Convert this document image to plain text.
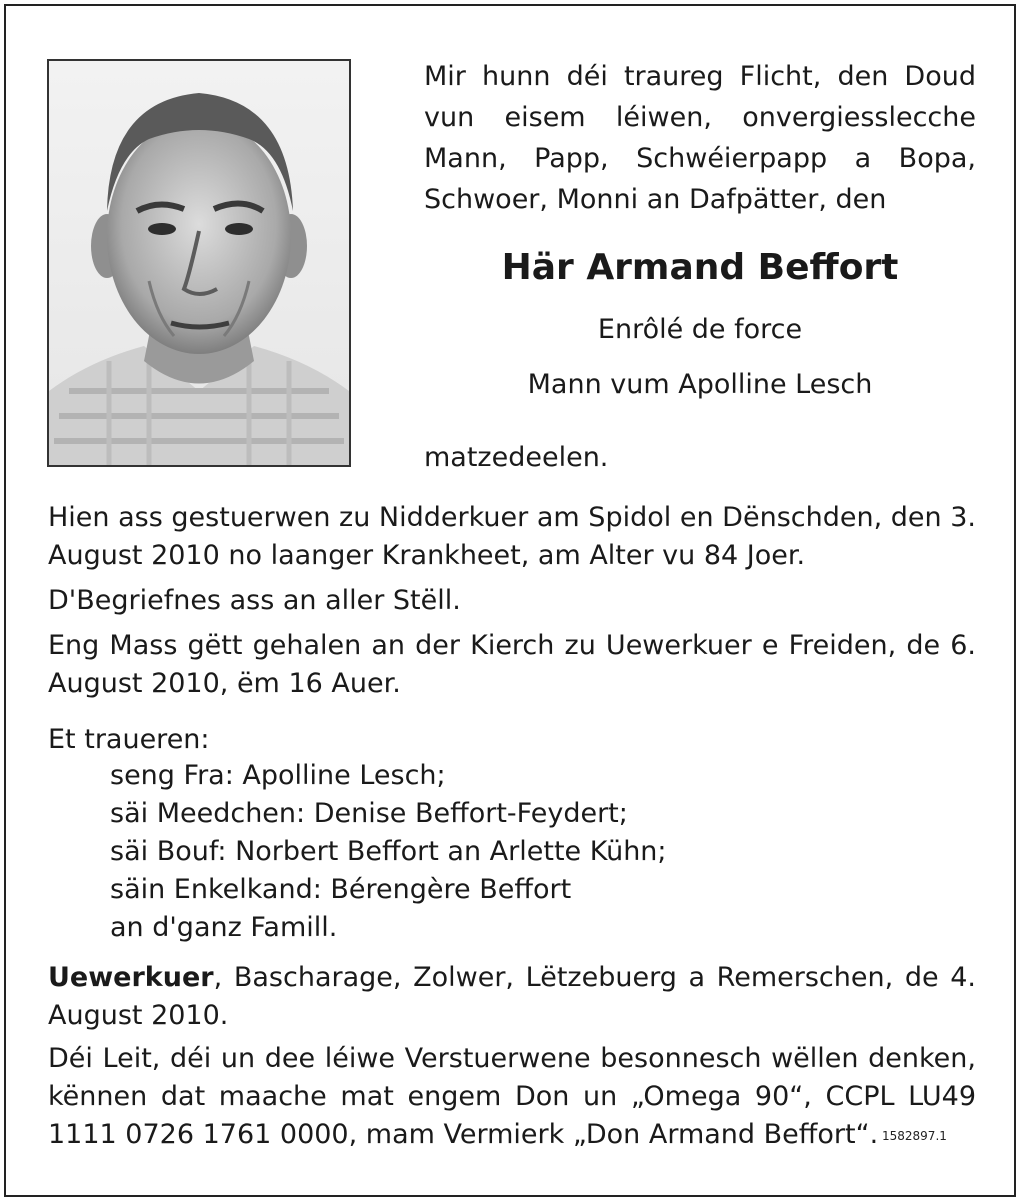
Mir hunn déi traureg Flicht, den Doud vun eisem léiwen, onvergiesslecche Mann, Papp, Schwéierpapp a Bopa, Schwoer, Monni an Dafpätter, den
Här Armand Beffort
Enrôlé de force
Mann vum Apolline Lesch
matzedeelen.
Hien ass gestuerwen zu Nidderkuer am Spidol en Dënschden, den 3. August 2010 no laanger Krankheet, am Alter vu 84 Joer.
D'Begriefnes ass an aller Stëll.
Eng Mass gëtt gehalen an der Kierch zu Uewerkuer e Freiden, de 6. August 2010, ëm 16 Auer.
Et traueren:
seng Fra: Apolline Lesch;
säi Meedchen: Denise Beffort-Feydert;
säi Bouf: Norbert Beffort an Arlette Kühn;
säin Enkelkand: Bérengère Beffort
an d'ganz Famill.
Uewerkuer, Bascharage, Zolwer, Lëtzebuerg a Remerschen, de 4. August 2010.
Déi Leit, déi un dee léiwe Verstuerwene besonnesch wëllen denken, kënnen dat maache mat engem Don un „Omega 90“, CCPL LU49 1111 0726 1761 0000, mam Vermierk „Don Armand Beffort“. 1582897.1
